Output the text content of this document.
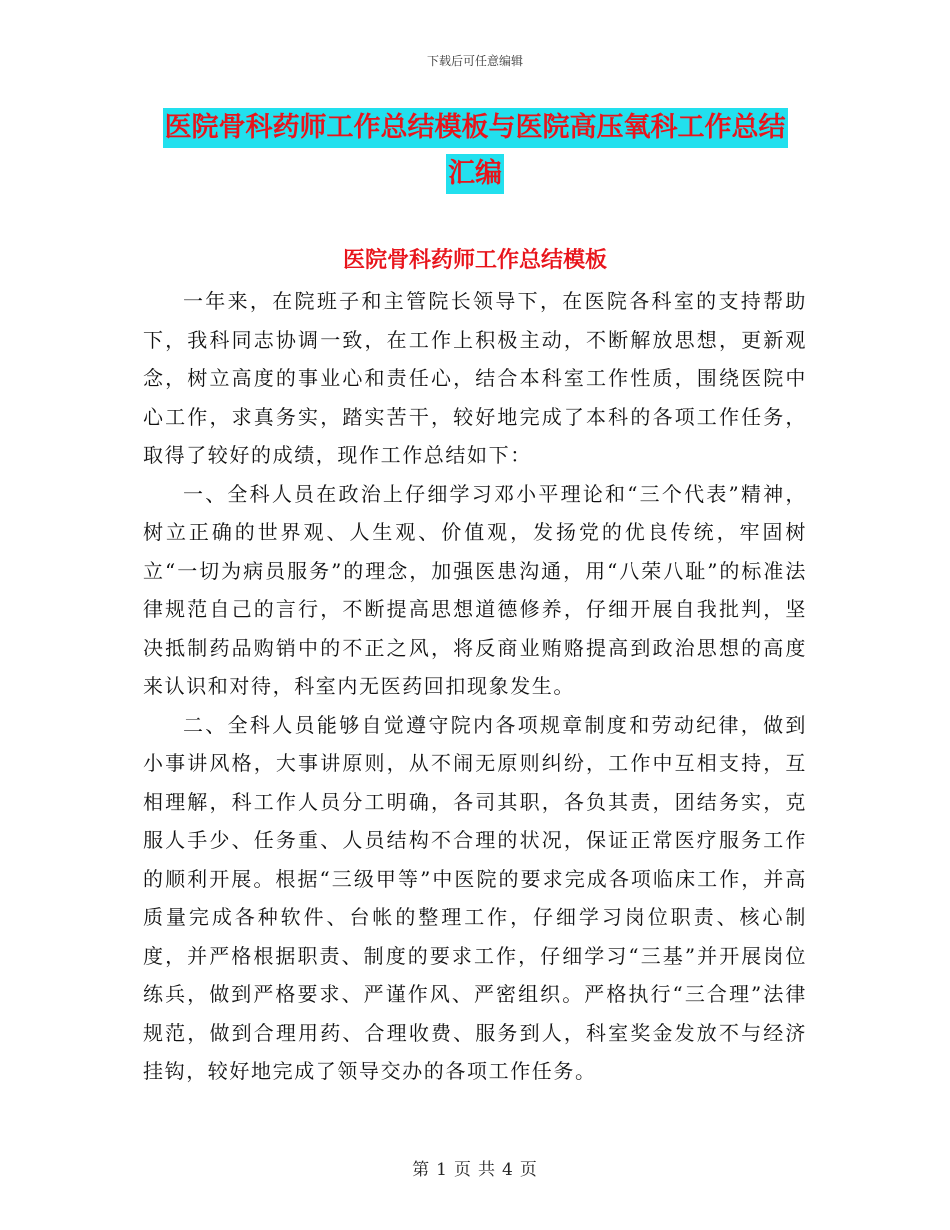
下载后可任意编辑
医院骨科药师工作总结模板与医院高压氧科工作总结
汇编
医院骨科药师工作总结模板

一年来，在院班子和主管院长领导下，在医院各科室的支持帮助下，我科同志协调一致，在工作上积极主动，不断解放思想，更新观念，树立高度的事业心和责任心，结合本科室工作性质，围绕医院中心工作，求真务实，踏实苦干，较好地完成了本科的各项工作任务，取得了较好的成绩，现作工作总结如下：

一、全科人员在政治上仔细学习邓小平理论和“三个代表”精神，树立正确的世界观、人生观、价值观，发扬党的优良传统，牢固树立“一切为病员服务”的理念，加强医患沟通，用“八荣八耻”的标准法律规范自己的言行，不断提高思想道德修养，仔细开展自我批判，坚决抵制药品购销中的不正之风，将反商业贿赂提高到政治思想的高度来认识和对待，科室内无医药回扣现象发生。

二、全科人员能够自觉遵守院内各项规章制度和劳动纪律，做到小事讲风格，大事讲原则，从不闹无原则纠纷，工作中互相支持，互相理解，科工作人员分工明确，各司其职，各负其责，团结务实，克服人手少、任务重、人员结构不合理的状况，保证正常医疗服务工作的顺利开展。根据“三级甲等”中医院的要求完成各项临床工作，并高质量完成各种软件、台帐的整理工作，仔细学习岗位职责、核心制度，并严格根据职责、制度的要求工作，仔细学习“三基”并开展岗位练兵，做到严格要求、严谨作风、严密组织。严格执行“三合理”法律规范，做到合理用药、合理收费、服务到人，科室奖金发放不与经济挂钩，较好地完成了领导交办的各项工作任务。

第 1 页 共 4 页
